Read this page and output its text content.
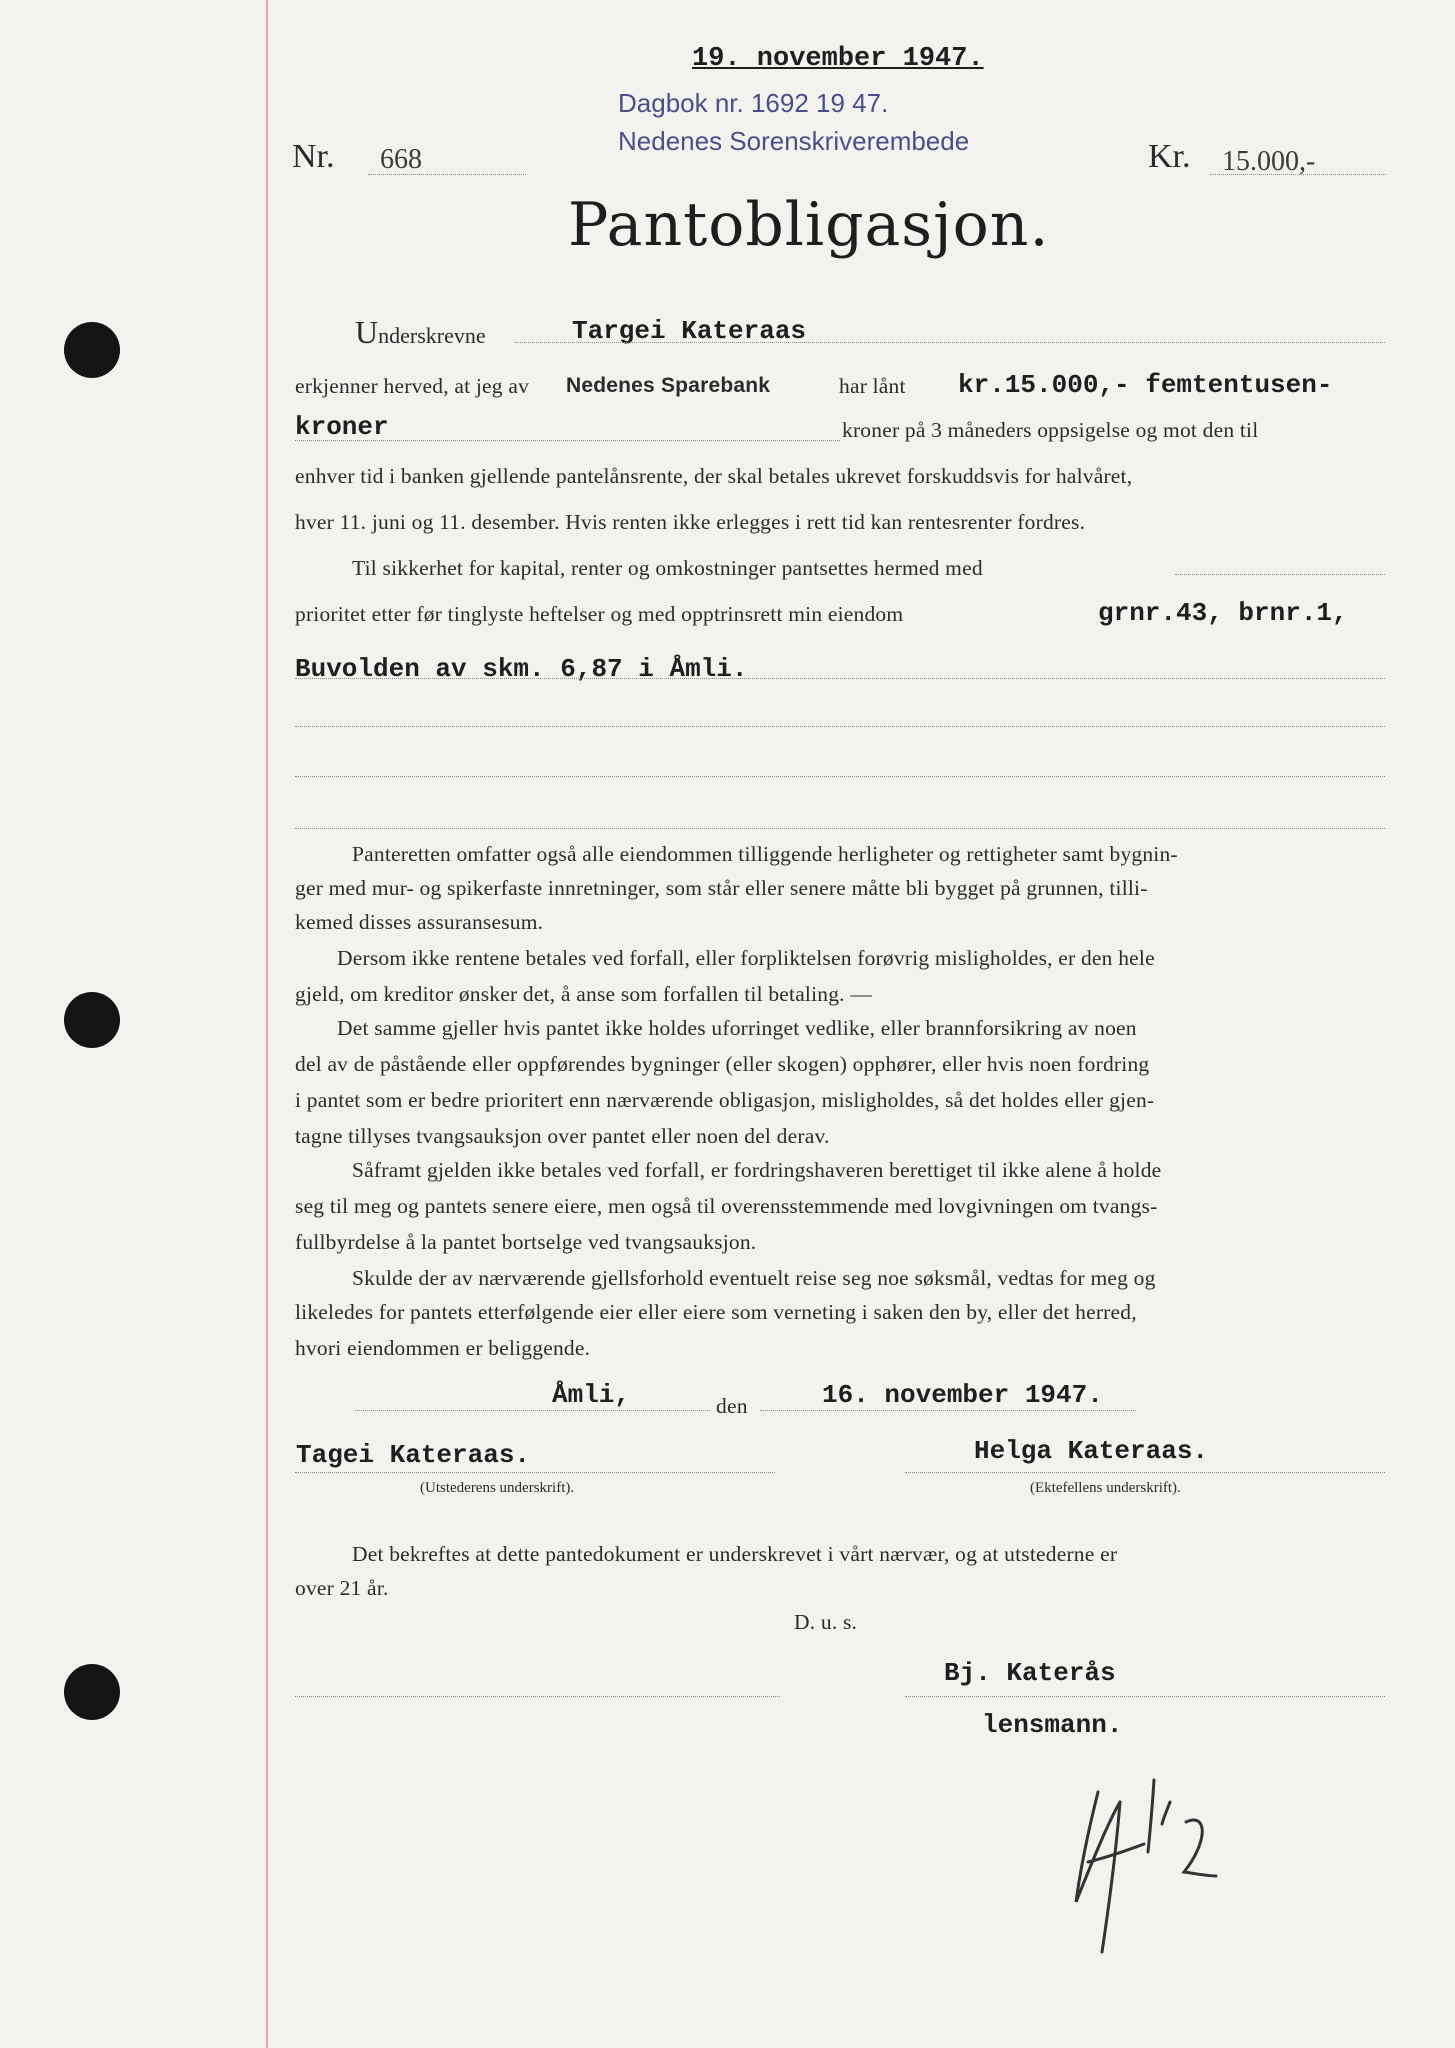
19. november 1947.
Dagbok nr. 1692 19 47.
Nedenes Sorenskriverembede
Nr. 668	Kr. 15.000,-
Pantobligasjon.
Underskrevne	Targei Kateraas
erkjenner herved, at jeg av Nedenes Sparebank	har lånt kr.15.000,- femtentusen-
kroner	kroner på 3 måneders oppsigelse og mot den til
enhver tid i banken gjellende pantelånsrente, der skal betales ukrevet forskuddsvis for halvåret,
hver 11. juni og 11. desember. Hvis renten ikke erlegges i rett tid kan rentesrenter fordres.
Til sikkerhet for kapital, renter og omkostninger pantsettes hermed med
prioritet etter før tinglyste heftelser og med opptrinsrett min eiendom	grnr.43, brnr.1,
Buvolden av skm. 6,87 i Åmli.
Panteretten omfatter også alle eiendommen tilliggende herligheter og rettigheter samt bygnin-
ger med mur- og spikerfaste innretninger, som står eller senere måtte bli bygget på grunnen, tilli-
kemed disses assuransesum.
Dersom ikke rentene betales ved forfall, eller forpliktelsen forøvrig misligholdes, er den hele
gjeld, om kreditor ønsker det, å anse som forfallen til betaling. —
Det samme gjeller hvis pantet ikke holdes uforringet vedlike, eller brannforsikring av noen
del av de påstående eller oppførendes bygninger (eller skogen) opphører, eller hvis noen fordring
i pantet som er bedre prioritert enn nærværende obligasjon, misligholdes, så det holdes eller gjen-
tagne tillyses tvangsauksjon over pantet eller noen del derav.
Såframt gjelden ikke betales ved forfall, er fordringshaveren berettiget til ikke alene å holde
seg til meg og pantets senere eiere, men også til overensstemmende med lovgivningen om tvangs-
fullbyrdelse å la pantet bortselge ved tvangsauksjon.
Skulde der av nærværende gjellsforhold eventuelt reise seg noe søksmål, vedtas for meg og
likeledes for pantets etterfølgende eier eller eiere som verneting i saken den by, eller det herred,
hvori eiendommen er beliggende.
Åmli,	den	16. november 1947.
Tagei Kateraas.
(Utstederens underskrift).
Helga Kateraas.
(Ektefellens underskrift).
Det bekreftes at dette pantedokument er underskrevet i vårt nærvær, og at utstederne er
over 21 år.
D. u. s.
Bj. Katerås
lensmann.
